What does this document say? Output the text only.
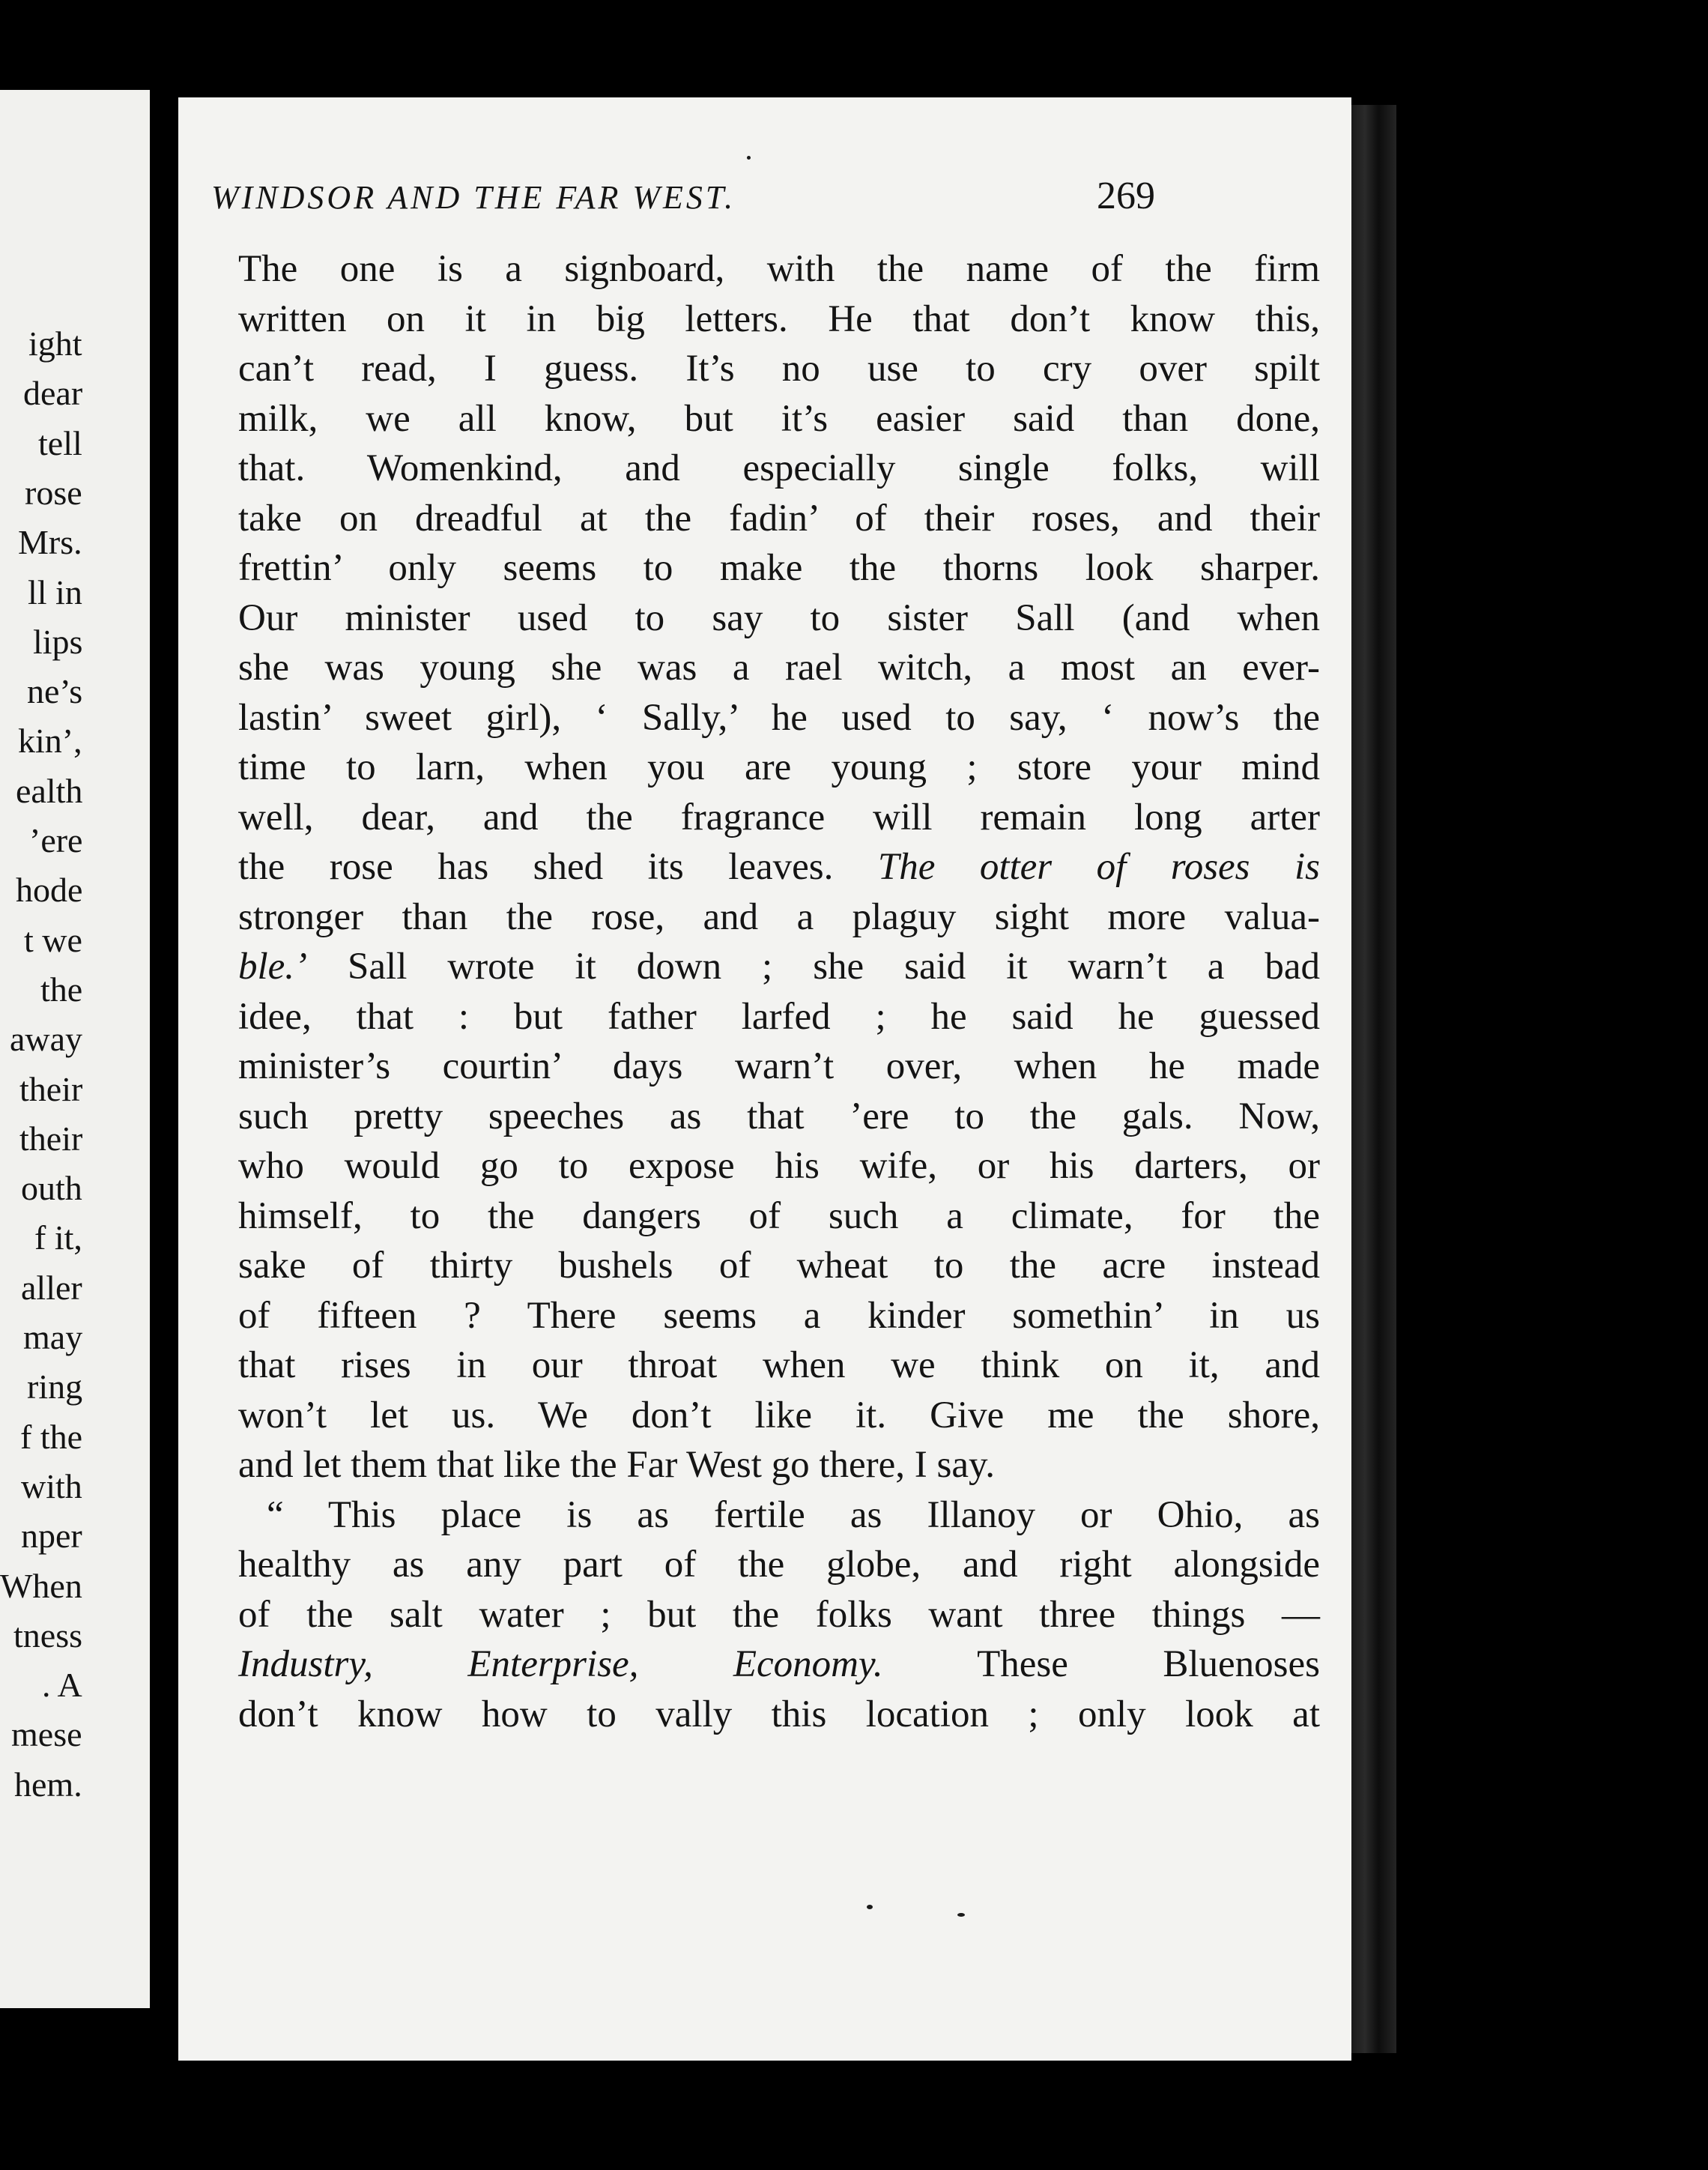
ight
dear
tell
rose
Mrs.
ll in
lips
ne’s
kin’,
ealth
’ere
hode
t we
the
away
their
their
outh
f it,
aller
may
ring
f the
with
nper
When
tness
. A
mese
hem.
WINDSOR AND THE FAR WEST.	269
The one is a signboard, with the name of the firm
written on it in big letters. He that don’t know this,
can’t read, I guess. It’s no use to cry over spilt
milk, we all know, but it’s easier said than done,
that. Womenkind, and especially single folks, will
take on dreadful at the fadin’ of their roses, and their
frettin’ only seems to make the thorns look sharper.
Our minister used to say to sister Sall (and when
she was young she was a rael witch, a most an ever-
lastin’ sweet girl), ‘ Sally,’ he used to say, ‘ now’s the
time to larn, when you are young ; store your mind
well, dear, and the fragrance will remain long arter
the rose has shed its leaves. The otter of roses is
stronger than the rose, and a plaguy sight more valua-
ble.’ Sall wrote it down ; she said it warn’t a bad
idee, that : but father larfed ; he said he guessed
minister’s courtin’ days warn’t over, when he made
such pretty speeches as that ’ere to the gals. Now,
who would go to expose his wife, or his darters, or
himself, to the dangers of such a climate, for the
sake of thirty bushels of wheat to the acre instead
of fifteen ? There seems a kinder somethin’ in us
that rises in our throat when we think on it, and
won’t let us. We don’t like it. Give me the shore,
and let them that like the Far West go there, I say.
“ This place is as fertile as Illanoy or Ohio, as
healthy as any part of the globe, and right alongside
of the salt water ; but the folks want three things —
Industry, Enterprise, Economy. These Bluenoses
don’t know how to vally this location ; only look at
